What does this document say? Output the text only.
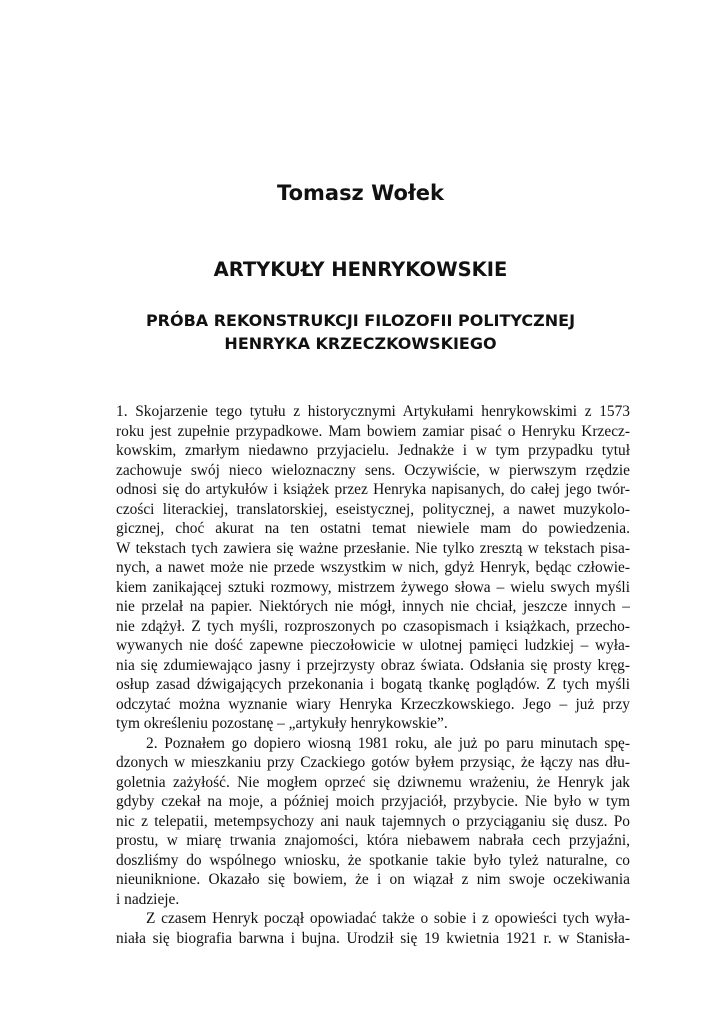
Tomasz Wołek
ARTYKUŁY HENRYKOWSKIE
PRÓBA REKONSTRUKCJI FILOZOFII POLITYCZNEJ
HENRYKA KRZECZKOWSKIEGO
1. Skojarzenie tego tytułu z historycznymi Artykułami henrykowskimi z 1573
roku jest zupełnie przypadkowe. Mam bowiem zamiar pisać o Henryku Krzecz-
kowskim, zmarłym niedawno przyjacielu. Jednakże i w tym przypadku tytuł
zachowuje swój nieco wieloznaczny sens. Oczywiście, w pierwszym rzędzie
odnosi się do artykułów i książek przez Henryka napisanych, do całej jego twór-
czości literackiej, translatorskiej, eseistycznej, politycznej, a nawet muzykolo-
gicznej, choć akurat na ten ostatni temat niewiele mam do powiedzenia.
W tekstach tych zawiera się ważne przesłanie. Nie tylko zresztą w tekstach pisa-
nych, a nawet może nie przede wszystkim w nich, gdyż Henryk, będąc człowie-
kiem zanikającej sztuki rozmowy, mistrzem żywego słowa – wielu swych myśli
nie przelał na papier. Niektórych nie mógł, innych nie chciał, jeszcze innych –
nie zdążył. Z tych myśli, rozproszonych po czasopismach i książkach, przecho-
wywanych nie dość zapewne pieczołowicie w ulotnej pamięci ludzkiej – wyła-
nia się zdumiewająco jasny i przejrzysty obraz świata. Odsłania się prosty kręg-
osłup zasad dźwigających przekonania i bogatą tkankę poglądów. Z tych myśli
odczytać można wyznanie wiary Henryka Krzeczkowskiego. Jego – już przy
tym określeniu pozostanę – „artykuły henrykowskie”.
2. Poznałem go dopiero wiosną 1981 roku, ale już po paru minutach spę-
dzonych w mieszkaniu przy Czackiego gotów byłem przysiąc, że łączy nas dłu-
goletnia zażyłość. Nie mogłem oprzeć się dziwnemu wrażeniu, że Henryk jak
gdyby czekał na moje, a później moich przyjaciół, przybycie. Nie było w tym
nic z telepatii, metempsychozy ani nauk tajemnych o przyciąganiu się dusz. Po
prostu, w miarę trwania znajomości, która niebawem nabrała cech przyjaźni,
doszliśmy do wspólnego wniosku, że spotkanie takie było tyleż naturalne, co
nieuniknione. Okazało się bowiem, że i on wiązał z nim swoje oczekiwania
i nadzieje.
Z czasem Henryk począł opowiadać także o sobie i z opowieści tych wyła-
niała się biografia barwna i bujna. Urodził się 19 kwietnia 1921 r. w Stanisła-
